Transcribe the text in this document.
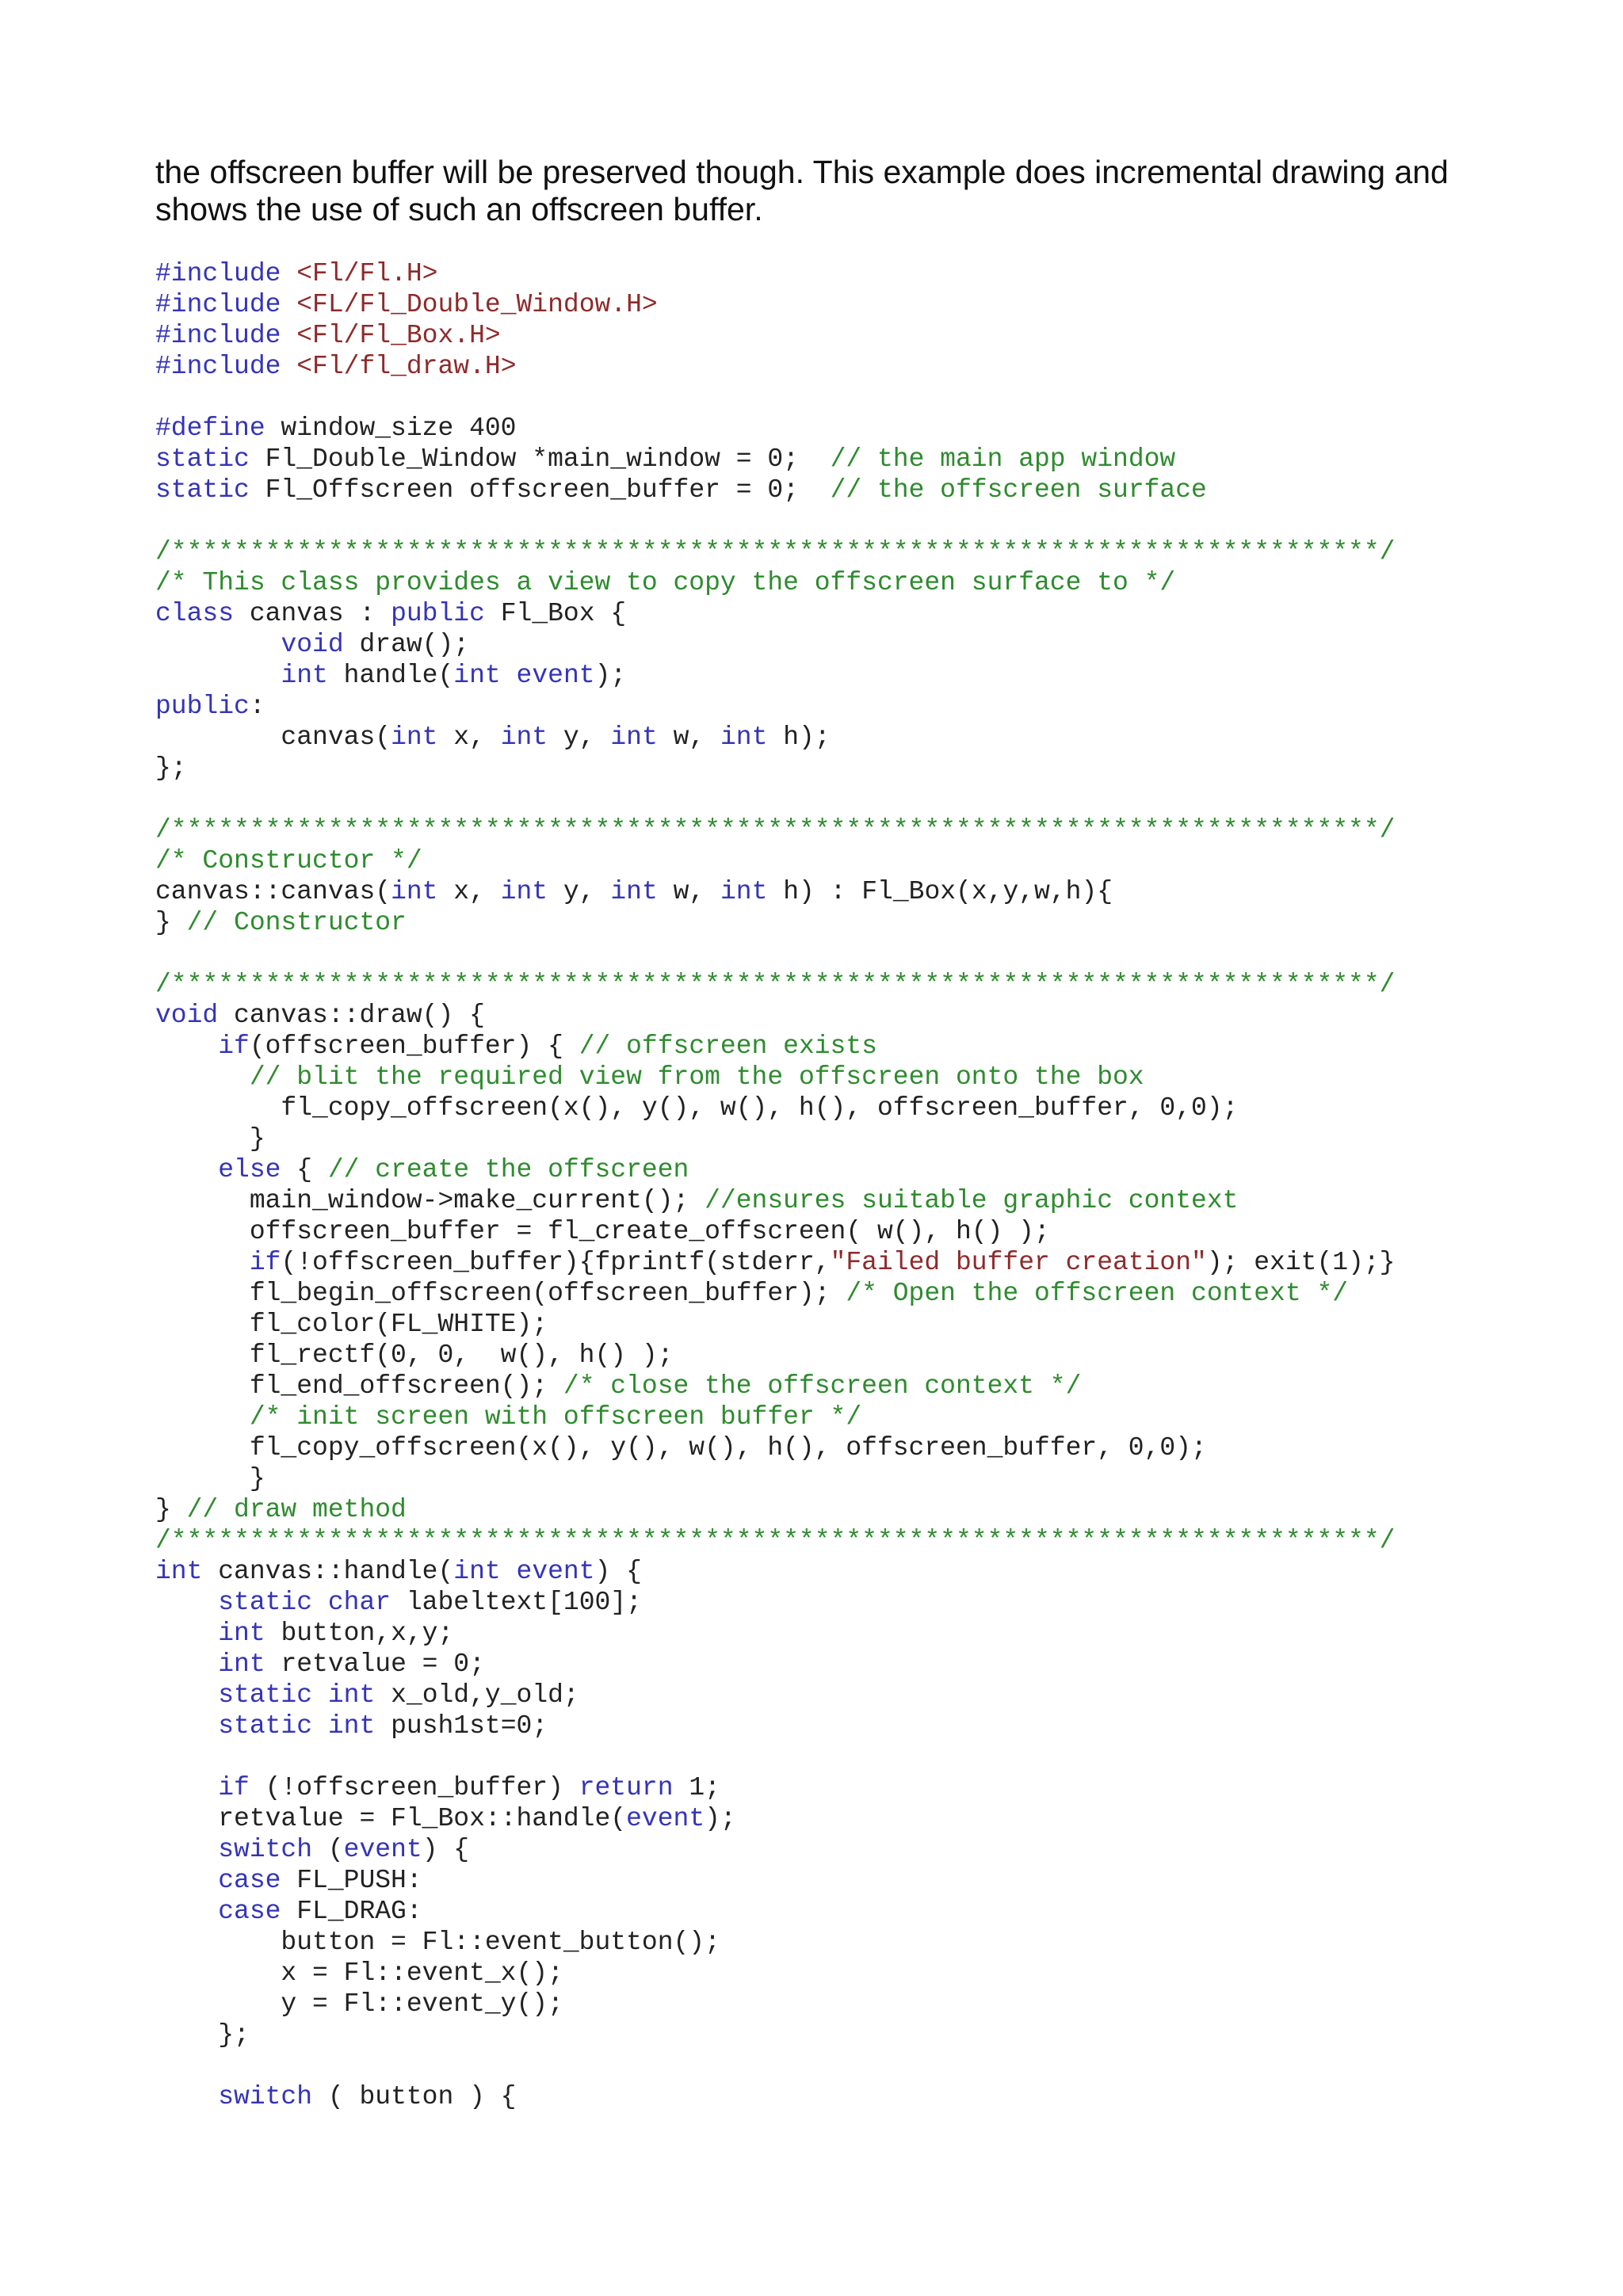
the offscreen buffer will be preserved though. This example does incremental drawing and

shows the use of such an offscreen buffer.

#include <Fl/Fl.H>
#include <FL/Fl_Double_Window.H>
#include <Fl/Fl_Box.H>
#include <Fl/fl_draw.H>

#define window_size 400
static Fl_Double_Window *main_window = 0;  // the main app window
static Fl_Offscreen offscreen_buffer = 0;  // the offscreen surface

/*****************************************************************************/
/* This class provides a view to copy the offscreen surface to */
class canvas : public Fl_Box {
void draw();
int handle(int event);
public:
canvas(int x, int y, int w, int h);
};

/*****************************************************************************/
/* Constructor */
canvas::canvas(int x, int y, int w, int h) : Fl_Box(x,y,w,h){
} // Constructor

/*****************************************************************************/
void canvas::draw() {
if(offscreen_buffer) { // offscreen exists
// blit the required view from the offscreen onto the box
fl_copy_offscreen(x(), y(), w(), h(), offscreen_buffer, 0,0);
}
else { // create the offscreen
main_window->make_current(); //ensures suitable graphic context
offscreen_buffer = fl_create_offscreen( w(), h() );
if(!offscreen_buffer){fprintf(stderr,"Failed buffer creation"); exit(1);}
fl_begin_offscreen(offscreen_buffer); /* Open the offscreen context */
fl_color(FL_WHITE);
fl_rectf(0, 0,  w(), h() );
fl_end_offscreen(); /* close the offscreen context */
/* init screen with offscreen buffer */
fl_copy_offscreen(x(), y(), w(), h(), offscreen_buffer, 0,0);
}
} // draw method
/*****************************************************************************/
int canvas::handle(int event) {
static char labeltext[100];
int button,x,y;
int retvalue = 0;
static int x_old,y_old;
static int push1st=0;

if (!offscreen_buffer) return 1;
retvalue = Fl_Box::handle(event);
switch (event) {
case FL_PUSH:
case FL_DRAG:
button = Fl::event_button();
x = Fl::event_x();
y = Fl::event_y();
};

switch ( button ) {
